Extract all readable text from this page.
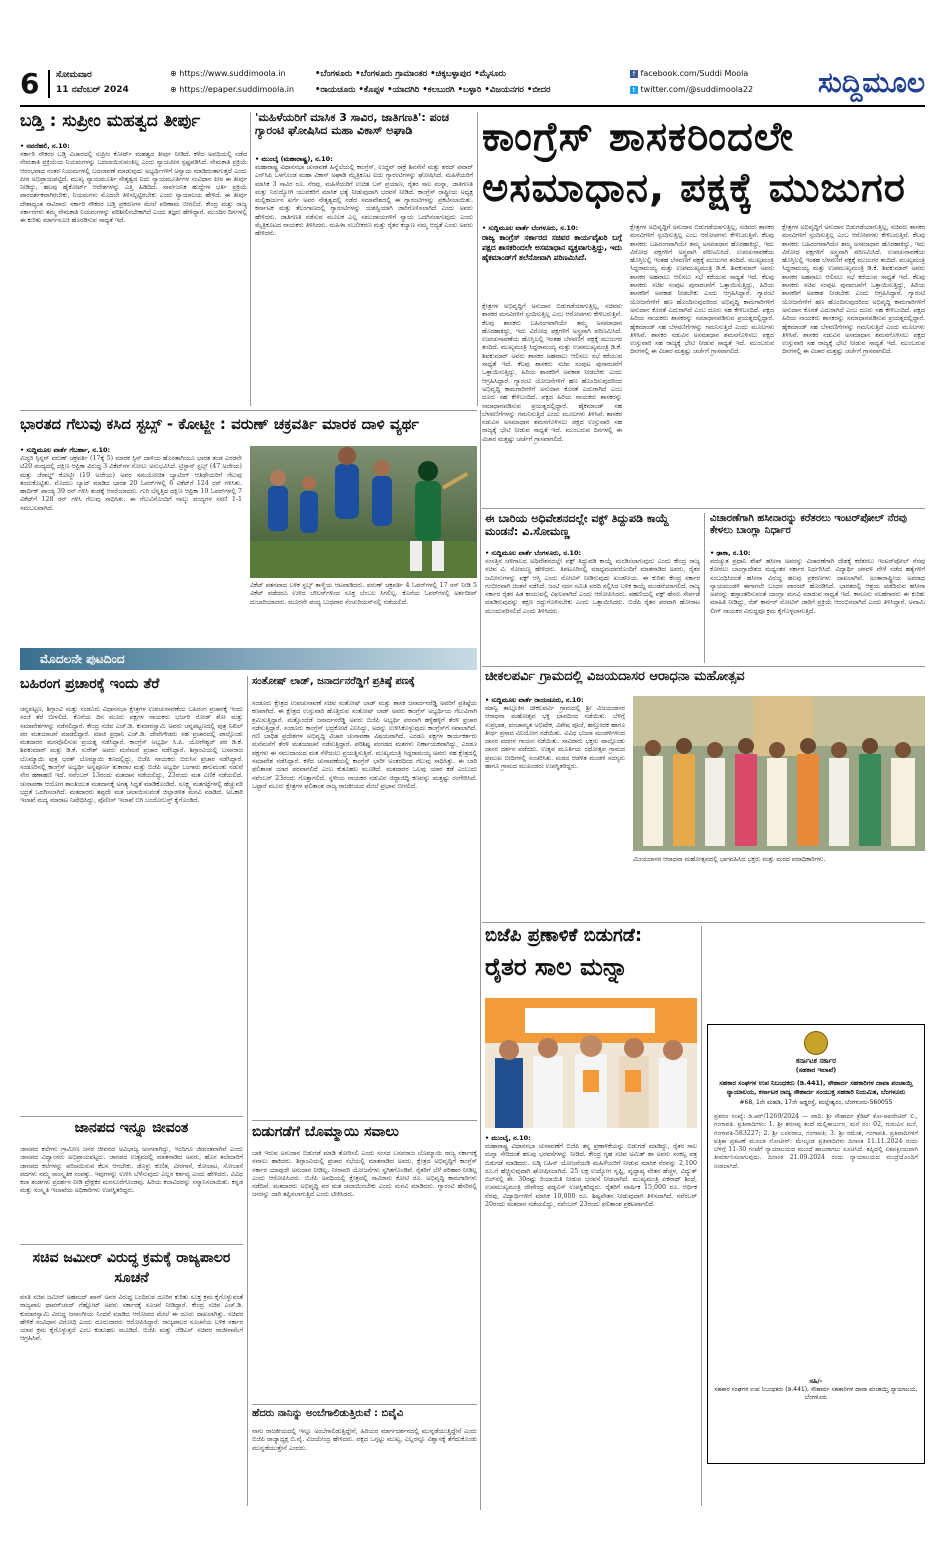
6	ಸೋಮವಾರ
11 ನವೆಂಬರ್ 2024
⊕ https://www.suddimoola.in
⊕ https://epaper.suddimoola.in
•ಬೆಂಗಳೂರು •ಬೆಂಗಳೂರು ಗ್ರಾಮಾಂತರ •ಚಿಕ್ಕಬಳ್ಳಾಪುರ •ಮೈಸೂರು
•ರಾಯಚೂರು •ಕೊಪ್ಪಳ •ಯಾದಗಿರಿ •ಕಲಬುರಗಿ •ಬಳ್ಳಾರಿ •ವಿಜಯನಗರ •ಬೀದರ
f facebook.com/Suddi Moola
t twitter.com/@suddimoola22	ಸುದ್ದಿಮೂಲ
ಬಡ್ತಿ : ಸುಪ್ರೀಂ ಮಹತ್ವದ ತೀರ್ಪು
• ನವದೆಹಲಿ, ನ.10:
ಸರ್ಕಾರಿ ನೌಕರರ ಬಡ್ತಿ ವಿಚಾರದಲ್ಲಿ ಸುಪ್ರೀಂ ಕೋರ್ಟ್ ಮಹತ್ವದ ತೀರ್ಪು ನೀಡಿದೆ. ಕಳೆದ ಅವಧಿಯಲ್ಲಿ ನಡೆದ ನೇಮಕಾತಿ ಪ್ರಕ್ರಿಯೆಯ ನಿಯಮಗಳನ್ನು ಬದಲಾಯಿಸುವಂತಿಲ್ಲ ಎಂದು ನ್ಯಾಯಪೀಠ ಸ್ಪಷ್ಟಪಡಿಸಿದೆ. ನೇಮಕಾತಿ ಪ್ರಕ್ರಿಯೆ ಆರಂಭವಾದ ನಂತರ ನಿಯಮಗಳಲ್ಲಿ ಬದಲಾವಣೆ ಮಾಡುವುದು ಅಭ್ಯರ್ಥಿಗಳಿಗೆ ಅನ್ಯಾಯ ಮಾಡಿದಂತಾಗುತ್ತದೆ ಎಂದು ಪೀಠ ಅಭಿಪ್ರಾಯಪಟ್ಟಿದೆ. ಮುಖ್ಯ ನ್ಯಾಯಮೂರ್ತಿ ನೇತೃತ್ವದ ಐದು ನ್ಯಾಯಮೂರ್ತಿಗಳ ಸಂವಿಧಾನ ಪೀಠ ಈ ತೀರ್ಪು ನೀಡಿದ್ದು, ಹಲವು ಹೈಕೋರ್ಟ್ ಆದೇಶಗಳನ್ನು ಎತ್ತಿ ಹಿಡಿದಿದೆ. ಸಾರ್ವಜನಿಕ ಹುದ್ದೆಗಳ ಭರ್ತಿ ಪ್ರಕ್ರಿಯೆ ಪಾರದರ್ಶಕವಾಗಿರಬೇಕು, ನಿಯಮಗಳು ಮೊದಲೇ ತಿಳಿಸಲ್ಪಟ್ಟಿರಬೇಕು ಎಂದು ನ್ಯಾಯಾಲಯ ಹೇಳಿದೆ. ಈ ತೀರ್ಪು ದೇಶಾದ್ಯಂತ ಸಾವಿರಾರು ಸರ್ಕಾರಿ ನೌಕರರ ಬಡ್ತಿ ಪ್ರಕರಣಗಳ ಮೇಲೆ ಪರಿಣಾಮ ಬೀರಲಿದೆ. ಕೇಂದ್ರ ಮತ್ತು ರಾಜ್ಯ ಸರ್ಕಾರಗಳು ತಮ್ಮ ನೇಮಕಾತಿ ನಿಯಮಗಳನ್ನು ಪರಿಶೀಲಿಸಬೇಕಾಗಿದೆ ಎಂದು ತಜ್ಞರು ಹೇಳಿದ್ದಾರೆ. ಮುಂದಿನ ದಿನಗಳಲ್ಲಿ ಈ ಕುರಿತು ಮಾರ್ಗಸೂಚಿ ಹೊರಡಿಸುವ ಸಾಧ್ಯತೆ ಇದೆ.
'ಮಹಿಳೆಯರಿಗೆ ಮಾಸಿಕ 3 ಸಾವಿರ, ಜಾತಿಗಣತಿ': ಪಂಚ ಗ್ಯಾರಂಟಿ ಘೋಷಿಸಿದ ಮಹಾ ವಿಕಾಸ್ ಅಘಾಡಿ
• ಮುಂಬೈ (ಮಹಾರಾಷ್ಟ್ರ), ನ.10:
ಮಹಾರಾಷ್ಟ್ರ ವಿಧಾನಸಭಾ ಚುನಾವಣೆ ಹಿನ್ನೆಲೆಯಲ್ಲಿ ಕಾಂಗ್ರೆಸ್, ಉದ್ಧವ್ ಠಾಕ್ರೆ ಶಿವಸೇನೆ ಮತ್ತು ಶರದ್ ಪವಾರ್ ಎನ್‌ಸಿಪಿ ಒಳಗೊಂಡ ಮಹಾ ವಿಕಾಸ್ ಅಘಾಡಿ ಮೈತ್ರಿಕೂಟ ಐದು ಗ್ಯಾರಂಟಿಗಳನ್ನು ಘೋಷಿಸಿದೆ. ಮಹಿಳೆಯರಿಗೆ ಮಾಸಿಕ 3 ಸಾವಿರ ರೂ. ನೆರವು, ಮಹಿಳೆಯರಿಗೆ ಉಚಿತ ಬಸ್ ಪ್ರಯಾಣ, ರೈತರ ಸಾಲ ಮನ್ನಾ, ಜಾತಿಗಣತಿ ಮತ್ತು ನಿರುದ್ಯೋಗಿ ಯುವಕರಿಗೆ ಮಾಸಿಕ ಭತ್ಯೆ ನೀಡುವುದಾಗಿ ಭರವಸೆ ನೀಡಿದೆ. ಕಾಂಗ್ರೆಸ್ ರಾಷ್ಟ್ರೀಯ ಅಧ್ಯಕ್ಷ ಮಲ್ಲಿಕಾರ್ಜುನ ಖರ್ಗೆ ಅವರ ನೇತೃತ್ವದಲ್ಲಿ ನಡೆದ ಸಮಾವೇಶದಲ್ಲಿ ಈ ಗ್ಯಾರಂಟಿಗಳನ್ನು ಪ್ರಕಟಿಸಲಾಯಿತು. ಕರ್ನಾಟಕ ಮತ್ತು ತೆಲಂಗಾಣದಲ್ಲಿ ಗ್ಯಾರಂಟಿಗಳನ್ನು ಯಶಸ್ವಿಯಾಗಿ ಜಾರಿಗೊಳಿಸಲಾಗಿದೆ ಎಂದು ಅವರು ಹೇಳಿದರು. ಜಾತಿಗಣತಿ ನಡೆಸುವ ಮೂಲಕ ಎಲ್ಲ ಸಮುದಾಯಗಳಿಗೆ ನ್ಯಾಯ ಒದಗಿಸಲಾಗುವುದು ಎಂದು ಮೈತ್ರಿಕೂಟದ ನಾಯಕರು ತಿಳಿಸಿದರು. ಮಹಿಳಾ ಸಬಲೀಕರಣ ಮತ್ತು ರೈತರ ಕಲ್ಯಾಣ ನಮ್ಮ ಆದ್ಯತೆ ಎಂದು ಅವರು ಹೇಳಿದರು.
ಕಾಂಗ್ರೆಸ್ ಶಾಸಕರಿಂದಲೇ
ಅಸಮಾಧಾನ, ಪಕ್ಷಕ್ಕೆ ಮುಜುಗರ
• ಸುದ್ದಿಮೂಲ ವಾರ್ತೆ ಬೆಂಗಳೂರು, ನ.10:
ರಾಜ್ಯ ಕಾಂಗ್ರೆಸ್ ಸರ್ಕಾರದ ಸಚಿವರ ಕಾರ್ಯವೈಖರಿ ಬಗ್ಗೆ ಪಕ್ಷದ ಶಾಸಕರಿಂದಲೇ ಅಸಮಾಧಾನ ವ್ಯಕ್ತವಾಗುತ್ತಿದ್ದು, ಇದು ಹೈಕಮಾಂಡ್‌ಗೆ ತಲೆನೋವಾಗಿ ಪರಿಣಮಿಸಿದೆ.
ಕ್ಷೇತ್ರಗಳ ಅಭಿವೃದ್ಧಿಗೆ ಅನುದಾನ ಬಿಡುಗಡೆಯಾಗುತ್ತಿಲ್ಲ, ಸಚಿವರು ಶಾಸಕರ ಮನವಿಗಳಿಗೆ ಸ್ಪಂದಿಸುತ್ತಿಲ್ಲ ಎಂಬ ಆರೋಪಗಳು ಕೇಳಿಬರುತ್ತಿವೆ. ಕೆಲವು ಶಾಸಕರು ಬಹಿರಂಗವಾಗಿಯೇ ತಮ್ಮ ಅಸಮಾಧಾನ ಹೊರಹಾಕಿದ್ದು, ಇದು ವಿರೋಧ ಪಕ್ಷಗಳಿಗೆ ಅಸ್ತ್ರವಾಗಿ ಪರಿಣಮಿಸಿದೆ. ಉಪಚುನಾವಣೆಯ ಹೊಸ್ತಿಲಲ್ಲಿ ಇಂತಹ ಬೆಳವಣಿಗೆ ಪಕ್ಷಕ್ಕೆ ಮುಜುಗರ ತಂದಿದೆ. ಮುಖ್ಯಮಂತ್ರಿ ಸಿದ್ದರಾಮಯ್ಯ ಮತ್ತು ಉಪಮುಖ್ಯಮಂತ್ರಿ ಡಿ.ಕೆ. ಶಿವಕುಮಾರ್ ಅವರು ಶಾಸಕರ ಅಹವಾಲು ಆಲಿಸಲು ಸಭೆ ಕರೆಯುವ ಸಾಧ್ಯತೆ ಇದೆ. ಕೆಲವು ಶಾಸಕರು ಸಚಿವ ಸಂಪುಟ ಪುನಾರಚನೆಗೆ ಒತ್ತಾಯಿಸುತ್ತಿದ್ದು, ಹಿರಿಯ ಶಾಸಕರಿಗೆ ಅವಕಾಶ ನೀಡಬೇಕು ಎಂದು ಆಗ್ರಹಿಸಿದ್ದಾರೆ. ಗ್ಯಾರಂಟಿ ಯೋಜನೆಗಳಿಗೆ ಹಣ ಹೊಂದಿಸುವುದರಿಂದ ಅಭಿವೃದ್ಧಿ ಕಾಮಗಾರಿಗಳಿಗೆ ಅನುದಾನ ಕೊರತೆ ಎದುರಾಗಿದೆ ಎಂಬ ದೂರು ಸಹ ಕೇಳಿಬಂದಿದೆ. ಪಕ್ಷದ ಹಿರಿಯ ನಾಯಕರು ಶಾಸಕರನ್ನು ಸಮಾಧಾನಪಡಿಸುವ ಪ್ರಯತ್ನದಲ್ಲಿದ್ದಾರೆ. ಹೈಕಮಾಂಡ್ ಸಹ ಬೆಳವಣಿಗೆಗಳನ್ನು ಗಮನಿಸುತ್ತಿದೆ ಎಂದು ಮೂಲಗಳು ತಿಳಿಸಿವೆ. ಶಾಸಕರ ನಡುವಿನ ಅಸಮಾಧಾನ ಶಮನಗೊಳಿಸಲು ಪಕ್ಷದ ಉಸ್ತುವಾರಿ ಸಹ ರಾಜ್ಯಕ್ಕೆ ಭೇಟಿ ನೀಡುವ ಸಾಧ್ಯತೆ ಇದೆ. ಮುಂಬರುವ ದಿನಗಳಲ್ಲಿ ಈ ವಿಚಾರ ಮತ್ತಷ್ಟು ಚರ್ಚೆಗೆ ಗ್ರಾಸವಾಗಲಿದೆ.
ಕ್ಷೇತ್ರಗಳ ಅಭಿವೃದ್ಧಿಗೆ ಅನುದಾನ ಬಿಡುಗಡೆಯಾಗುತ್ತಿಲ್ಲ, ಸಚಿವರು ಶಾಸಕರ ಮನವಿಗಳಿಗೆ ಸ್ಪಂದಿಸುತ್ತಿಲ್ಲ ಎಂಬ ಆರೋಪಗಳು ಕೇಳಿಬರುತ್ತಿವೆ. ಕೆಲವು ಶಾಸಕರು ಬಹಿರಂಗವಾಗಿಯೇ ತಮ್ಮ ಅಸಮಾಧಾನ ಹೊರಹಾಕಿದ್ದು, ಇದು ವಿರೋಧ ಪಕ್ಷಗಳಿಗೆ ಅಸ್ತ್ರವಾಗಿ ಪರಿಣಮಿಸಿದೆ. ಉಪಚುನಾವಣೆಯ ಹೊಸ್ತಿಲಲ್ಲಿ ಇಂತಹ ಬೆಳವಣಿಗೆ ಪಕ್ಷಕ್ಕೆ ಮುಜುಗರ ತಂದಿದೆ. ಮುಖ್ಯಮಂತ್ರಿ ಸಿದ್ದರಾಮಯ್ಯ ಮತ್ತು ಉಪಮುಖ್ಯಮಂತ್ರಿ ಡಿ.ಕೆ. ಶಿವಕುಮಾರ್ ಅವರು ಶಾಸಕರ ಅಹವಾಲು ಆಲಿಸಲು ಸಭೆ ಕರೆಯುವ ಸಾಧ್ಯತೆ ಇದೆ. ಕೆಲವು ಶಾಸಕರು ಸಚಿವ ಸಂಪುಟ ಪುನಾರಚನೆಗೆ ಒತ್ತಾಯಿಸುತ್ತಿದ್ದು, ಹಿರಿಯ ಶಾಸಕರಿಗೆ ಅವಕಾಶ ನೀಡಬೇಕು ಎಂದು ಆಗ್ರಹಿಸಿದ್ದಾರೆ. ಗ್ಯಾರಂಟಿ ಯೋಜನೆಗಳಿಗೆ ಹಣ ಹೊಂದಿಸುವುದರಿಂದ ಅಭಿವೃದ್ಧಿ ಕಾಮಗಾರಿಗಳಿಗೆ ಅನುದಾನ ಕೊರತೆ ಎದುರಾಗಿದೆ ಎಂಬ ದೂರು ಸಹ ಕೇಳಿಬಂದಿದೆ. ಪಕ್ಷದ ಹಿರಿಯ ನಾಯಕರು ಶಾಸಕರನ್ನು ಸಮಾಧಾನಪಡಿಸುವ ಪ್ರಯತ್ನದಲ್ಲಿದ್ದಾರೆ. ಹೈಕಮಾಂಡ್ ಸಹ ಬೆಳವಣಿಗೆಗಳನ್ನು ಗಮನಿಸುತ್ತಿದೆ ಎಂದು ಮೂಲಗಳು ತಿಳಿಸಿವೆ. ಶಾಸಕರ ನಡುವಿನ ಅಸಮಾಧಾನ ಶಮನಗೊಳಿಸಲು ಪಕ್ಷದ ಉಸ್ತುವಾರಿ ಸಹ ರಾಜ್ಯಕ್ಕೆ ಭೇಟಿ ನೀಡುವ ಸಾಧ್ಯತೆ ಇದೆ. ಮುಂಬರುವ ದಿನಗಳಲ್ಲಿ ಈ ವಿಚಾರ ಮತ್ತಷ್ಟು ಚರ್ಚೆಗೆ ಗ್ರಾಸವಾಗಲಿದೆ.
ಕ್ಷೇತ್ರಗಳ ಅಭಿವೃದ್ಧಿಗೆ ಅನುದಾನ ಬಿಡುಗಡೆಯಾಗುತ್ತಿಲ್ಲ, ಸಚಿವರು ಶಾಸಕರ ಮನವಿಗಳಿಗೆ ಸ್ಪಂದಿಸುತ್ತಿಲ್ಲ ಎಂಬ ಆರೋಪಗಳು ಕೇಳಿಬರುತ್ತಿವೆ. ಕೆಲವು ಶಾಸಕರು ಬಹಿರಂಗವಾಗಿಯೇ ತಮ್ಮ ಅಸಮಾಧಾನ ಹೊರಹಾಕಿದ್ದು, ಇದು ವಿರೋಧ ಪಕ್ಷಗಳಿಗೆ ಅಸ್ತ್ರವಾಗಿ ಪರಿಣಮಿಸಿದೆ. ಉಪಚುನಾವಣೆಯ ಹೊಸ್ತಿಲಲ್ಲಿ ಇಂತಹ ಬೆಳವಣಿಗೆ ಪಕ್ಷಕ್ಕೆ ಮುಜುಗರ ತಂದಿದೆ. ಮುಖ್ಯಮಂತ್ರಿ ಸಿದ್ದರಾಮಯ್ಯ ಮತ್ತು ಉಪಮುಖ್ಯಮಂತ್ರಿ ಡಿ.ಕೆ. ಶಿವಕುಮಾರ್ ಅವರು ಶಾಸಕರ ಅಹವಾಲು ಆಲಿಸಲು ಸಭೆ ಕರೆಯುವ ಸಾಧ್ಯತೆ ಇದೆ. ಕೆಲವು ಶಾಸಕರು ಸಚಿವ ಸಂಪುಟ ಪುನಾರಚನೆಗೆ ಒತ್ತಾಯಿಸುತ್ತಿದ್ದು, ಹಿರಿಯ ಶಾಸಕರಿಗೆ ಅವಕಾಶ ನೀಡಬೇಕು ಎಂದು ಆಗ್ರಹಿಸಿದ್ದಾರೆ. ಗ್ಯಾರಂಟಿ ಯೋಜನೆಗಳಿಗೆ ಹಣ ಹೊಂದಿಸುವುದರಿಂದ ಅಭಿವೃದ್ಧಿ ಕಾಮಗಾರಿಗಳಿಗೆ ಅನುದಾನ ಕೊರತೆ ಎದುರಾಗಿದೆ ಎಂಬ ದೂರು ಸಹ ಕೇಳಿಬಂದಿದೆ. ಪಕ್ಷದ ಹಿರಿಯ ನಾಯಕರು ಶಾಸಕರನ್ನು ಸಮಾಧಾನಪಡಿಸುವ ಪ್ರಯತ್ನದಲ್ಲಿದ್ದಾರೆ. ಹೈಕಮಾಂಡ್ ಸಹ ಬೆಳವಣಿಗೆಗಳನ್ನು ಗಮನಿಸುತ್ತಿದೆ ಎಂದು ಮೂಲಗಳು ತಿಳಿಸಿವೆ. ಶಾಸಕರ ನಡುವಿನ ಅಸಮಾಧಾನ ಶಮನಗೊಳಿಸಲು ಪಕ್ಷದ ಉಸ್ತುವಾರಿ ಸಹ ರಾಜ್ಯಕ್ಕೆ ಭೇಟಿ ನೀಡುವ ಸಾಧ್ಯತೆ ಇದೆ. ಮುಂಬರುವ ದಿನಗಳಲ್ಲಿ ಈ ವಿಚಾರ ಮತ್ತಷ್ಟು ಚರ್ಚೆಗೆ ಗ್ರಾಸವಾಗಲಿದೆ.
ಭಾರತದ ಗೆಲುವು ಕಸಿದ ಸ್ಟಬ್ಸ್ - ಕೋಟ್ಜೀ : ವರುಣ್ ಚಕ್ರವರ್ತಿ ಮಾರಕ ದಾಳಿ ವ್ಯರ್ಥ
• ಸುದ್ದಿಮೂಲ ವಾರ್ತೆ ಗೆಬರ್ಹಾ, ನ.10:
ಮಿಸ್ಟರಿ ಸ್ಪಿನ್ನರ್ ವರುಣ್ ಚಕ್ರವರ್ತಿ (17ಕ್ಕೆ 5) ಮಾರಕ ಸ್ಪಿನ್ ದಾಳಿಯ ಹೊರತಾಗಿಯೂ ಭಾರತ ತಂಡ ಎರಡನೇ ಟಿ20 ಪಂದ್ಯದಲ್ಲಿ ದಕ್ಷಿಣ ಆಫ್ರಿಕಾ ವಿರುದ್ಧ 3 ವಿಕೆಟ್‌ಗಳ ಸೋಲು ಅನುಭವಿಸಿದೆ. ಟ್ರಿಸ್ಟಾನ್ ಸ್ಟಬ್ಸ್ (47 ಅಜೇಯ) ಮತ್ತು ಜೆರಾಲ್ಡ್ ಕೋಟ್ಜೀ (19 ಅಜೇಯ) ಅವರ ಸಮಯೋಚಿತ ಬ್ಯಾಟಿಂಗ್ ಆತಿಥೇಯರಿಗೆ ಗೆಲುವು ತಂದುಕೊಟ್ಟಿತು. ಮೊದಲು ಬ್ಯಾಟ್ ಮಾಡಿದ ಭಾರತ 20 ಓವರ್‌ಗಳಲ್ಲಿ 6 ವಿಕೆಟ್‌ಗೆ 124 ರನ್ ಗಳಿಸಿತು. ಹಾರ್ದಿಕ್ ಪಾಂಡ್ಯ 39 ರನ್ ಗಳಿಸಿ ತಂಡಕ್ಕೆ ಆಸರೆಯಾದರು. ಗುರಿ ಬೆನ್ನತ್ತಿದ ದಕ್ಷಿಣ ಆಫ್ರಿಕಾ 19 ಓವರ್‌ಗಳಲ್ಲಿ 7 ವಿಕೆಟ್‌ಗೆ 128 ರನ್ ಗಳಿಸಿ ಗೆಲುವು ಸಾಧಿಸಿತು. ಈ ಗೆಲುವಿನೊಂದಿಗೆ ನಾಲ್ಕು ಪಂದ್ಯಗಳ ಸರಣಿ 1-1 ಸಮಬಲವಾಗಿದೆ.
ವಿಕೆಟ್ ಪತನವಾದ ಬಳಿಕ ಸ್ಟಬ್ಸ್ ತಾಳ್ಮೆಯ ಆಟವಾಡಿದರು. ವರುಣ್ ಚಕ್ರವರ್ತಿ 4 ಓವರ್‌ಗಳಲ್ಲಿ 17 ರನ್ ನೀಡಿ 5 ವಿಕೆಟ್ ಪಡೆದರೂ ಉಳಿದ ಬೌಲರ್‌ಗಳಿಂದ ಸೂಕ್ತ ಬೆಂಬಲ ಸಿಗಲಿಲ್ಲ. ಕೊನೆಯ ಓವರ್‌ಗಳಲ್ಲಿ ಅರ್ಶದೀಪ್ ದುಬಾರಿಯಾದರು. ಮೂರನೇ ಪಂದ್ಯ ಬುಧವಾರ ಸೆಂಚುರಿಯನ್‌ನಲ್ಲಿ ನಡೆಯಲಿದೆ.
ಮೊದಲನೇ ಪುಟದಿಂದ
ಬಹಿರಂಗ ಪ್ರಚಾರಕ್ಕೆ ಇಂದು ತೆರೆ
ಚನ್ನಪಟ್ಟಣ, ಶಿಗ್ಗಾಂವಿ ಮತ್ತು ಸಂಡೂರು ವಿಧಾನಸಭಾ ಕ್ಷೇತ್ರಗಳ ಉಪಚುನಾವಣೆಯ ಬಹಿರಂಗ ಪ್ರಚಾರಕ್ಕೆ ಇಂದು ಸಂಜೆ ತೆರೆ ಬೀಳಲಿದೆ. ಕೊನೆಯ ದಿನ ಮೂರು ಪಕ್ಷಗಳ ನಾಯಕರು ಭರ್ಜರಿ ರೋಡ್ ಶೋ ಮತ್ತು ಸಮಾವೇಶಗಳನ್ನು ನಡೆಸಲಿದ್ದಾರೆ. ಕೇಂದ್ರ ಸಚಿವ ಎಚ್.ಡಿ. ಕುಮಾರಸ್ವಾಮಿ ಅವರು ಚನ್ನಪಟ್ಟಣದಲ್ಲಿ ಪುತ್ರ ನಿಖಿಲ್ ಪರ ಮತಯಾಚನೆ ಮಾಡಲಿದ್ದಾರೆ. ಮಾಜಿ ಪ್ರಧಾನಿ ಎಚ್.ಡಿ. ದೇವೇಗೌಡರು ಸಹ ಪ್ರಚಾರದಲ್ಲಿ ಪಾಲ್ಗೊಂಡು ಮತದಾರರ ಮನವೊಲಿಸುವ ಪ್ರಯತ್ನ ನಡೆಸಿದ್ದಾರೆ. ಕಾಂಗ್ರೆಸ್ ಅಭ್ಯರ್ಥಿ ಸಿ.ಪಿ. ಯೋಗೇಶ್ವರ್ ಪರ ಡಿ.ಕೆ. ಶಿವಕುಮಾರ್ ಮತ್ತು ಡಿ.ಕೆ. ಸುರೇಶ್ ಅವರು ಮನೆಮನೆ ಪ್ರಚಾರ ನಡೆಸಿದ್ದಾರೆ. ಶಿಗ್ಗಾಂವಿಯಲ್ಲಿ ಬಸವರಾಜ ಬೊಮ್ಮಾಯಿ ಪುತ್ರ ಭರತ್ ಬೊಮ್ಮಾಯಿ ಕಣದಲ್ಲಿದ್ದು, ಬಿಜೆಪಿ ನಾಯಕರು ಬಿರುಸಿನ ಪ್ರಚಾರ ನಡೆಸಿದ್ದಾರೆ. ಸಂಡೂರಿನಲ್ಲಿ ಕಾಂಗ್ರೆಸ್ ಅಭ್ಯರ್ಥಿ ಅನ್ನಪೂರ್ಣ ತುಕಾರಾಂ ಮತ್ತು ಬಿಜೆಪಿ ಅಭ್ಯರ್ಥಿ ಬಂಗಾರು ಹನುಮಂತು ನಡುವೆ ನೇರ ಹಣಾಹಣಿ ಇದೆ. ನವೆಂಬರ್ 13ರಂದು ಮತದಾನ ನಡೆಯಲಿದ್ದು, 23ರಂದು ಮತ ಎಣಿಕೆ ನಡೆಯಲಿದೆ. ಚುನಾವಣಾ ಆಯೋಗ ಶಾಂತಿಯುತ ಮತದಾನಕ್ಕೆ ಅಗತ್ಯ ಸಿದ್ಧತೆ ಮಾಡಿಕೊಂಡಿದೆ. ಸೂಕ್ಷ್ಮ ಮತಗಟ್ಟೆಗಳಲ್ಲಿ ಹೆಚ್ಚುವರಿ ಭದ್ರತೆ ಒದಗಿಸಲಾಗಿದೆ. ಮತದಾರರು ತಪ್ಪದೇ ಮತ ಚಲಾಯಿಸುವಂತೆ ಜಿಲ್ಲಾಡಳಿತ ಮನವಿ ಮಾಡಿದೆ. ಅಬಕಾರಿ ಇಲಾಖೆ ಮದ್ಯ ಮಾರಾಟ ನಿಷೇಧಿಸಿದ್ದು, ಪೊಲೀಸ್ ಇಲಾಖೆ ಬಿಗಿ ಬಂದೋಬಸ್ತ್ ಕೈಗೊಂಡಿದೆ.
ಸಂತೋಷ್ ಲಾಡ್, ಜನಾರ್ದನರೆಡ್ಡಿಗೆ ಪ್ರತಿಷ್ಠೆ ಪಣಕ್ಕೆ
ಸಂಡೂರು ಕ್ಷೇತ್ರದ ಉಪಚುನಾವಣೆ ಸಚಿವ ಸಂತೋಷ್ ಲಾಡ್ ಮತ್ತು ಶಾಸಕ ಜನಾರ್ದನರೆಡ್ಡಿ ಅವರಿಗೆ ಪ್ರತಿಷ್ಠೆಯ ಕಣವಾಗಿದೆ. ಈ ಕ್ಷೇತ್ರದ ಉಸ್ತುವಾರಿ ಹೊತ್ತಿರುವ ಸಂತೋಷ್ ಲಾಡ್ ಅವರು ಕಾಂಗ್ರೆಸ್ ಅಭ್ಯರ್ಥಿಯ ಗೆಲುವಿಗಾಗಿ ಶ್ರಮಿಸುತ್ತಿದ್ದಾರೆ. ಮತ್ತೊಂದೆಡೆ ಜನಾರ್ದನರೆಡ್ಡಿ ಅವರು ಬಿಜೆಪಿ ಅಭ್ಯರ್ಥಿ ಪರವಾಗಿ ಹಳ್ಳಿಹಳ್ಳಿಗೆ ತೆರಳಿ ಪ್ರಚಾರ ನಡೆಸುತ್ತಿದ್ದಾರೆ. ಸಂಡೂರು ಕಾಂಗ್ರೆಸ್ ಭದ್ರಕೋಟೆ ಎನಿಸಿದ್ದು, ಅದನ್ನು ಉಳಿಸಿಕೊಳ್ಳುವುದು ಕಾಂಗ್ರೆಸ್‌ಗೆ ಸವಾಲಾಗಿದೆ. ಗಣಿ ಬಾಧಿತ ಪ್ರದೇಶಗಳ ಅಭಿವೃದ್ಧಿ ವಿಚಾರ ಚುನಾವಣಾ ವಿಷಯವಾಗಿದೆ. ಎರಡೂ ಪಕ್ಷಗಳ ಕಾರ್ಯಕರ್ತರು ಮನೆಮನೆಗೆ ತೆರಳಿ ಮತಯಾಚನೆ ನಡೆಸುತ್ತಿದ್ದಾರೆ. ಪರಿಶಿಷ್ಟ ಪಂಗಡದ ಮತಗಳು ನಿರ್ಣಾಯಕವಾಗಿದ್ದು, ಎರಡೂ ಪಕ್ಷಗಳು ಈ ಸಮುದಾಯದ ಮತ ಸೆಳೆಯಲು ಪ್ರಯತ್ನಿಸುತ್ತಿವೆ. ಮುಖ್ಯಮಂತ್ರಿ ಸಿದ್ದರಾಮಯ್ಯ ಅವರು ಸಹ ಕ್ಷೇತ್ರದಲ್ಲಿ ಸಮಾವೇಶ ನಡೆಸಿದ್ದಾರೆ. ಕಳೆದ ಚುನಾವಣೆಯಲ್ಲಿ ಕಾಂಗ್ರೆಸ್ ಭಾರೀ ಅಂತರದಿಂದ ಗೆಲುವು ಸಾಧಿಸಿತ್ತು. ಈ ಬಾರಿ ಫಲಿತಾಂಶ ಯಾರ ಪರವಾಗಲಿದೆ ಎಂಬ ಕುತೂಹಲ ಮೂಡಿದೆ. ಮತದಾರರ ಒಲವು ಯಾರ ಕಡೆ ಎಂಬುದು ನವೆಂಬರ್ 23ರಂದು ಗೊತ್ತಾಗಲಿದೆ. ಸ್ಥಳೀಯ ನಾಯಕರ ನಡುವಿನ ಜಿದ್ದಾಜಿದ್ದಿ ಕಣವನ್ನು ಮತ್ತಷ್ಟು ರಂಗೇರಿಸಿದೆ. ಒಟ್ಟಾರೆ ಮೂರು ಕ್ಷೇತ್ರಗಳ ಫಲಿತಾಂಶ ರಾಜ್ಯ ರಾಜಕೀಯದ ಮೇಲೆ ಪ್ರಭಾವ ಬೀರಲಿದೆ.
ಜಾನಪದ ಇನ್ನೂ ಜೀವಂತ
ಜಾನಪದ ಕಲೆಗಳು ಗ್ರಾಮೀಣ ಜನರ ಜೀವನದ ಅವಿಭಾಜ್ಯ ಅಂಗವಾಗಿದ್ದು, ಇಂದಿಗೂ ಜೀವಂತವಾಗಿವೆ ಎಂದು ಜಾನಪದ ವಿದ್ವಾಂಸರು ಅಭಿಪ್ರಾಯಪಟ್ಟರು. ಜಾನಪದ ಉತ್ಸವದಲ್ಲಿ ಮಾತನಾಡಿದ ಅವರು, ಹೊಸ ತಲೆಮಾರಿಗೆ ಜಾನಪದ ಕಲೆಗಳನ್ನು ಪರಿಚಯಿಸುವ ಕೆಲಸ ಆಗಬೇಕು. ಡೊಳ್ಳು ಕುಣಿತ, ವೀರಗಾಸೆ, ಕೋಲಾಟ, ಸೋಬಾನೆ ಪದಗಳು ನಮ್ಮ ಸಾಂಸ್ಕೃತಿಕ ಸಂಪತ್ತು. ಇವುಗಳನ್ನು ಉಳಿಸಿ ಬೆಳೆಸುವುದು ಎಲ್ಲರ ಕರ್ತವ್ಯ ಎಂದು ಹೇಳಿದರು. ವಿವಿಧ ಕಲಾ ತಂಡಗಳು ಪ್ರದರ್ಶನ ನೀಡಿ ಪ್ರೇಕ್ಷಕರ ಮನಸೂರೆಗೊಂಡವು. ಹಿರಿಯ ಕಲಾವಿದರನ್ನು ಸನ್ಮಾನಿಸಲಾಯಿತು. ಕನ್ನಡ ಮತ್ತು ಸಂಸ್ಕೃತಿ ಇಲಾಖೆಯ ಅಧಿಕಾರಿಗಳು ಉಪಸ್ಥಿತರಿದ್ದರು.
ಸಚಿವ ಜಮೀರ್ ವಿರುದ್ಧ ಕ್ರಮಕ್ಕೆ ರಾಜ್ಯಪಾಲರ ಸೂಚನೆ
ವಸತಿ ಸಚಿವ ಜಮೀರ್ ಅಹಮದ್ ಖಾನ್ ಅವರ ವಿರುದ್ಧ ಬಂದಿರುವ ದೂರಿನ ಕುರಿತು ಸೂಕ್ತ ಕ್ರಮ ಕೈಗೊಳ್ಳುವಂತೆ ರಾಜ್ಯಪಾಲ ಥಾವರ್‌ಚಂದ್ ಗೆಹ್ಲೋಟ್ ಅವರು ಸರ್ಕಾರಕ್ಕೆ ಸೂಚನೆ ನೀಡಿದ್ದಾರೆ. ಕೇಂದ್ರ ಸಚಿವ ಎಚ್.ಡಿ. ಕುಮಾರಸ್ವಾಮಿ ವಿರುದ್ಧ ಜನಾಂಗೀಯ ನಿಂದನೆ ಮಾಡಿದ ಆರೋಪದ ಮೇಲೆ ಈ ದೂರು ದಾಖಲಾಗಿತ್ತು. ಸಚಿವರ ಹೇಳಿಕೆ ಸಂವಿಧಾನ ವಿರೋಧಿ ಎಂದು ದೂರುದಾರರು ಆರೋಪಿಸಿದ್ದಾರೆ. ರಾಜ್ಯಪಾಲರ ಸೂಚನೆಯ ಬಳಿಕ ಸರ್ಕಾರ ಯಾವ ಕ್ರಮ ಕೈಗೊಳ್ಳುತ್ತದೆ ಎಂಬ ಕುತೂಹಲ ಮೂಡಿದೆ. ಬಿಜೆಪಿ ಮತ್ತು ಜೆಡಿಎಸ್ ಸಚಿವರ ರಾಜೀನಾಮೆಗೆ ಆಗ್ರಹಿಸಿವೆ.
ಬಿಡುಗಡೆಗೆ ಬೊಮ್ಮಾಯಿ ಸವಾಲು
ಬಾಕಿ ಇರುವ ಅನುದಾನ ಬಿಡುಗಡೆ ಮಾಡಿ ತೋರಿಸಲಿ ಎಂದು ಸಂಸದ ಬಸವರಾಜ ಬೊಮ್ಮಾಯಿ ರಾಜ್ಯ ಸರ್ಕಾರಕ್ಕೆ ಸವಾಲು ಹಾಕಿದರು. ಶಿಗ್ಗಾಂವಿಯಲ್ಲಿ ಪ್ರಚಾರ ಸಭೆಯಲ್ಲಿ ಮಾತನಾಡಿದ ಅವರು, ಕ್ಷೇತ್ರದ ಅಭಿವೃದ್ಧಿಗೆ ಕಾಂಗ್ರೆಸ್ ಸರ್ಕಾರ ಯಾವುದೇ ಅನುದಾನ ನೀಡಿಲ್ಲ. ನೀರಾವರಿ ಯೋಜನೆಗಳು ಸ್ಥಗಿತಗೊಂಡಿವೆ. ರೈತರಿಗೆ ಬೆಳೆ ಪರಿಹಾರ ನೀಡಿಲ್ಲ ಎಂದು ಆರೋಪಿಸಿದರು. ಬಿಜೆಪಿ ಅವಧಿಯಲ್ಲಿ ಕ್ಷೇತ್ರದಲ್ಲಿ ಸಾವಿರಾರು ಕೋಟಿ ರೂ. ಅಭಿವೃದ್ಧಿ ಕಾಮಗಾರಿಗಳು ನಡೆದಿವೆ. ಮತದಾರರು ಅಭಿವೃದ್ಧಿ ಪರ ಮತ ಚಲಾಯಿಸಬೇಕು ಎಂದು ಮನವಿ ಮಾಡಿದರು. ಗ್ಯಾರಂಟಿ ಹೆಸರಿನಲ್ಲಿ ಜನರನ್ನು ದಾರಿ ತಪ್ಪಿಸಲಾಗುತ್ತಿದೆ ಎಂದು ಟೀಕಿಸಿದರು.
ಹೆದರು ನಾನಿನ್ನು ಅಂಬೆಗಾಲಿಡುತ್ತಿರುವೆ : ಬಿವೈವಿ
ನಾನು ರಾಜಕೀಯದಲ್ಲಿ ಇನ್ನೂ ಅಂಬೆಗಾಲಿಡುತ್ತಿದ್ದೇನೆ, ಹಿರಿಯರ ಮಾರ್ಗದರ್ಶನದಲ್ಲಿ ಮುನ್ನಡೆಯುತ್ತಿದ್ದೇನೆ ಎಂದು ಬಿಜೆಪಿ ರಾಜ್ಯಾಧ್ಯಕ್ಷ ಬಿ.ವೈ. ವಿಜಯೇಂದ್ರ ಹೇಳಿದರು. ಪಕ್ಷದ ಒಗ್ಗಟ್ಟು ಮುಖ್ಯ, ಎಲ್ಲರನ್ನೂ ವಿಶ್ವಾಸಕ್ಕೆ ತೆಗೆದುಕೊಂಡು ಮುನ್ನಡೆಯುತ್ತೇನೆ ಎಂದರು.
ಈ ಬಾರಿಯ ಅಧಿವೇಶನದಲ್ಲೇ ವಕ್ಫ್ ತಿದ್ದುಪಡಿ ಕಾಯ್ದೆ ಮಂಡನೆ: ವಿ.ಸೋಮಣ್ಣ
• ಸುದ್ದಿಮೂಲ ವಾರ್ತೆ ಬೆಂಗಳೂರು, ನ.10:
ಸಂಸತ್ತಿನ ಚಳಿಗಾಲದ ಅಧಿವೇಶನದಲ್ಲೇ ವಕ್ಫ್ ತಿದ್ದುಪಡಿ ಕಾಯ್ದೆ ಮಂಡಿಸಲಾಗುವುದು ಎಂದು ಕೇಂದ್ರ ರಾಜ್ಯ ಸಚಿವ ವಿ. ಸೋಮಣ್ಣ ಹೇಳಿದರು. ತಿಪಟೂರಿನಲ್ಲಿ ಮಾಧ್ಯಮದವರೊಂದಿಗೆ ಮಾತನಾಡಿದ ಅವರು, ರೈತರ ಜಮೀನುಗಳನ್ನು ವಕ್ಫ್ ಆಸ್ತಿ ಎಂದು ನೋಟಿಸ್ ನೀಡಿರುವುದು ಖಂಡನೀಯ. ಈ ಕುರಿತು ಕೇಂದ್ರ ಸರ್ಕಾರ ಗಂಭೀರವಾಗಿ ಚಿಂತನೆ ನಡೆಸಿದೆ. ಜಂಟಿ ಸದನ ಸಮಿತಿ ವರದಿ ಸಲ್ಲಿಸಿದ ಬಳಿಕ ಕಾಯ್ದೆ ಮಂಡನೆಯಾಗಲಿದೆ. ರಾಜ್ಯ ಸರ್ಕಾರ ರೈತರ ಹಿತ ಕಾಯುವಲ್ಲಿ ವಿಫಲವಾಗಿದೆ ಎಂದು ಆರೋಪಿಸಿದರು. ಪಹಣಿಯಲ್ಲಿ ವಕ್ಫ್ ಹೆಸರು ಸೇರ್ಪಡೆ ಮಾಡಿರುವುದನ್ನು ತಕ್ಷಣ ರದ್ದುಗೊಳಿಸಬೇಕು ಎಂದು ಒತ್ತಾಯಿಸಿದರು. ಬಿಜೆಪಿ ರೈತರ ಪರವಾಗಿ ಹೋರಾಟ ಮುಂದುವರಿಸಲಿದೆ ಎಂದು ತಿಳಿಸಿದರು.
ವಿಚಾರಣೆಗಾಗಿ ಹಸೀನಾರನ್ನು ಕರೆತರಲು ಇಂಟರ್‌ಪೋಲ್ ನೆರವು ಕೇಳಲು ಬಾಂಗ್ಲಾ ನಿರ್ಧಾರ
• ಢಾಕಾ, ನ.10:
ಪದಚ್ಯುತ ಪ್ರಧಾನಿ ಶೇಖ್ ಹಸೀನಾ ಅವರನ್ನು ವಿಚಾರಣೆಗಾಗಿ ದೇಶಕ್ಕೆ ಕರೆತರಲು ಇಂಟರ್‌ಪೋಲ್ ನೆರವು ಕೋರಲು ಬಾಂಗ್ಲಾದೇಶದ ಮಧ್ಯಂತರ ಸರ್ಕಾರ ನಿರ್ಧರಿಸಿದೆ. ವಿದ್ಯಾರ್ಥಿ ಚಳವಳಿ ವೇಳೆ ನಡೆದ ಹತ್ಯೆಗಳಿಗೆ ಸಂಬಂಧಿಸಿದಂತೆ ಹಸೀನಾ ವಿರುದ್ಧ ಹಲವು ಪ್ರಕರಣಗಳು ದಾಖಲಾಗಿವೆ. ಅಂತಾರಾಷ್ಟ್ರೀಯ ಅಪರಾಧ ನ್ಯಾಯಮಂಡಳಿ ಈಗಾಗಲೇ ಬಂಧನ ವಾರಂಟ್ ಹೊರಡಿಸಿದೆ. ಭಾರತದಲ್ಲಿ ಆಶ್ರಯ ಪಡೆದಿರುವ ಹಸೀನಾ ಅವರನ್ನು ಹಸ್ತಾಂತರಿಸುವಂತೆ ಬಾಂಗ್ಲಾ ಮನವಿ ಮಾಡುವ ಸಾಧ್ಯತೆ ಇದೆ. ಕಾನೂನು ಸಲಹೆಗಾರರು ಈ ಕುರಿತು ಮಾಹಿತಿ ನೀಡಿದ್ದು, ರೆಡ್ ಕಾರ್ನರ್ ನೋಟಿಸ್ ಜಾರಿಗೆ ಪ್ರಕ್ರಿಯೆ ಆರಂಭಿಸಲಾಗಿದೆ ಎಂದು ತಿಳಿಸಿದ್ದಾರೆ. ಅವಾಮಿ ಲೀಗ್ ನಾಯಕರ ವಿರುದ್ಧವೂ ಕ್ರಮ ಕೈಗೊಳ್ಳಲಾಗುತ್ತಿದೆ.
ಚೀಕಲಪರ್ವಿ ಗ್ರಾಮದಲ್ಲಿ ವಿಜಯದಾಸರ ಆರಾಧನಾ ಮಹೋತ್ಸವ
• ಸುದ್ದಿಮೂಲ ವಾರ್ತೆ ರಾಯಚೂರು, ನ.10:
ಮಾನ್ವಿ ತಾಲ್ಲೂಕಿನ ಚೀಕಲಪರ್ವಿ ಗ್ರಾಮದಲ್ಲಿ ಶ್ರೀ ವಿಜಯದಾಸರ ಆರಾಧನಾ ಮಹೋತ್ಸವ ಭಕ್ತಿ ಭಾವದಿಂದ ನಡೆಯಿತು. ಬೆಳಿಗ್ಗೆ ಸುಪ್ರಭಾತ, ಪಂಚಾಮೃತ ಅಭಿಷೇಕ, ವಿಶೇಷ ಪೂಜೆ, ಹಸ್ತೋದಕ ಹಾಗೂ ತೀರ್ಥ ಪ್ರಸಾದ ವಿನಿಯೋಗ ನಡೆಯಿತು. ವಿವಿಧ ಭಜನಾ ಮಂಡಳಿಗಳಿಂದ ದಾಸರ ಪದಗಳ ಗಾಯನ ನಡೆಯಿತು. ಸಾವಿರಾರು ಭಕ್ತರು ಪಾಲ್ಗೊಂಡು ದಾಸರ ದರ್ಶನ ಪಡೆದರು. ಉತ್ಸವ ಮೂರ್ತಿಯ ರಥೋತ್ಸವ ಗ್ರಾಮದ ಪ್ರಮುಖ ಬೀದಿಗಳಲ್ಲಿ ಸಂಚರಿಸಿತು. ಮಠದ ಆಡಳಿತ ಮಂಡಳಿ ಸದಸ್ಯರು ಹಾಗೂ ಗ್ರಾಮದ ಮುಖಂಡರು ಉಪಸ್ಥಿತರಿದ್ದರು.
ವಿಜಯದಾಸರ ಆರಾಧನಾ ಮಹೋತ್ಸವದಲ್ಲಿ ಭಾಗವಹಿಸಿದ ಭಕ್ತರು ಮತ್ತು ಮಠದ ಪದಾಧಿಕಾರಿಗಳು.
ಬಿಜೆಪಿ ಪ್ರಣಾಳಿಕೆ ಬಿಡುಗಡೆ:
ರೈತರ ಸಾಲ ಮನ್ನಾ
• ಮುಂಬೈ, ನ.10:
ಮಹಾರಾಷ್ಟ್ರ ವಿಧಾನಸಭಾ ಚುನಾವಣೆಗೆ ಬಿಜೆಪಿ ತನ್ನ ಪ್ರಣಾಳಿಕೆಯನ್ನು ಬಿಡುಗಡೆ ಮಾಡಿದ್ದು, ರೈತರ ಸಾಲ ಮನ್ನಾ ಸೇರಿದಂತೆ ಹಲವು ಭರವಸೆಗಳನ್ನು ನೀಡಿದೆ. ಕೇಂದ್ರ ಗೃಹ ಸಚಿವ ಅಮಿತ್ ಶಾ ಅವರು ಸಂಕಲ್ಪ ಪತ್ರ ಬಿಡುಗಡೆ ಮಾಡಿದರು. ಲಡ್ಕಿ ಬಹಿನ್ ಯೋಜನೆಯಡಿ ಮಹಿಳೆಯರಿಗೆ ನೀಡುವ ಮಾಸಿಕ ನೆರವನ್ನು 2,100 ರೂ.ಗೆ ಹೆಚ್ಚಿಸುವುದಾಗಿ ಘೋಷಿಸಲಾಗಿದೆ. 25 ಲಕ್ಷ ಉದ್ಯೋಗ ಸೃಷ್ಟಿ, ವೃದ್ಧಾಪ್ಯ ವೇತನ ಹೆಚ್ಚಳ, ವಿದ್ಯುತ್ ಬಿಲ್‌ನಲ್ಲಿ ಶೇ. 30ರಷ್ಟು ರಿಯಾಯಿತಿ ನೀಡುವ ಭರವಸೆ ನೀಡಲಾಗಿದೆ. ಮುಖ್ಯಮಂತ್ರಿ ಏಕನಾಥ್ ಶಿಂಧೆ, ಉಪಮುಖ್ಯಮಂತ್ರಿ ದೇವೇಂದ್ರ ಫಡ್ನವಿಸ್ ಉಪಸ್ಥಿತರಿದ್ದರು. ರೈತರಿಗೆ ವಾರ್ಷಿಕ 15,000 ರೂ. ಆರ್ಥಿಕ ನೆರವು, ವಿದ್ಯಾರ್ಥಿಗಳಿಗೆ ಮಾಸಿಕ 10,000 ರೂ. ಶಿಷ್ಯವೇತನ ನೀಡುವುದಾಗಿ ತಿಳಿಸಲಾಗಿದೆ. ನವೆಂಬರ್ 20ರಂದು ಮತದಾನ ನಡೆಯಲಿದ್ದು, ನವೆಂಬರ್ 23ರಂದು ಫಲಿತಾಂಶ ಪ್ರಕಟವಾಗಲಿದೆ.
ಕರ್ನಾಟಕ ಸರ್ಕಾರ
(ಸಹಕಾರ ಇಲಾಖೆ)
ಸಹಕಾರ ಸಂಘಗಳ ಉಪ ನಿಬಂಧಕರು (ಡಿ.441), ಸೌಹಾರ್ದ ಸಹಕಾರಿಗಳ ದಾವಾ ಪಂಚಾಯ್ತಿ ನ್ಯಾಯಾಲಯ, ಕರ್ನಾಟಕ ರಾಜ್ಯ ಸೌಹಾರ್ದ ಸಂಯುಕ್ತ ಸಹಕಾರಿ ನಿಯಮಿತ, ಬೆಂಗಳೂರು
#68, 1ನೇ ಮಹಡಿ, 17ನೇ ಅಡ್ಡರಸ್ತೆ, ಮಲ್ಲೇಶ್ವರಂ, ಬೆಂಗಳೂರು-560055
ಪ್ರಕರಣ ಸಂಖ್ಯೆ: ಡಿ.ಆರ್/1269/2024 — ವಾದಿ: ಶ್ರೀ ಸೌಹಾರ್ದ ಕ್ರೆಡಿಟ್ ಕೋ-ಆಪರೇಟಿವ್ ಲಿ., ಗಂಗಾವತಿ. ಪ್ರತಿವಾದಿಗಳು: 1. ಶ್ರೀ ಶರಣಪ್ಪ ತಂದೆ ಮಲ್ಲಿಕಾರ್ಜುನ, ಮನೆ ನಂ: 02, ಗುರುವಿನ ಮನೆ, ಗಂಗಾವತಿ-583227; 2. ಶ್ರೀ ಬಸವರಾಜ, ಗಂಗಾವತಿ; 3. ಶ್ರೀ ರಮೇಶ, ಗಂಗಾವತಿ. ಪ್ರತಿವಾದಿಗಳಿಗೆ ಪತ್ರಿಕಾ ಪ್ರಕಟಣೆ ಮೂಲಕ ನೋಟೀಸ್: ಮೇಲ್ಕಂಡ ಪ್ರತಿವಾದಿಗಳು ದಿನಾಂಕ 11.11.2024 ರಂದು ಬೆಳಿಗ್ಗೆ 11-30 ಗಂಟೆಗೆ ನ್ಯಾಯಾಲಯದ ಮುಂದೆ ಹಾಜರಾಗಲು ಸೂಚಿಸಿದೆ. ತಪ್ಪಿದಲ್ಲಿ ಏಕಪಕ್ಷೀಯವಾಗಿ ತೀರ್ಮಾನಿಸಲಾಗುವುದು. ದಿನಾಂಕ 21.09.2024 ರಂದು ನ್ಯಾಯಾಲಯದ ಮುದ್ರೆಯೊಂದಿಗೆ ನೀಡಲಾಗಿದೆ.
ಸಹಿ/-
ಸಹಕಾರ ಸಂಘಗಳ ಉಪ ನಿಬಂಧಕರು (ಡಿ.441), ಸೌಹಾರ್ದ ಸಹಕಾರಿಗಳ ದಾವಾ ಪಂಚಾಯ್ತಿ ನ್ಯಾಯಾಲಯ, ಬೆಂಗಳೂರು
